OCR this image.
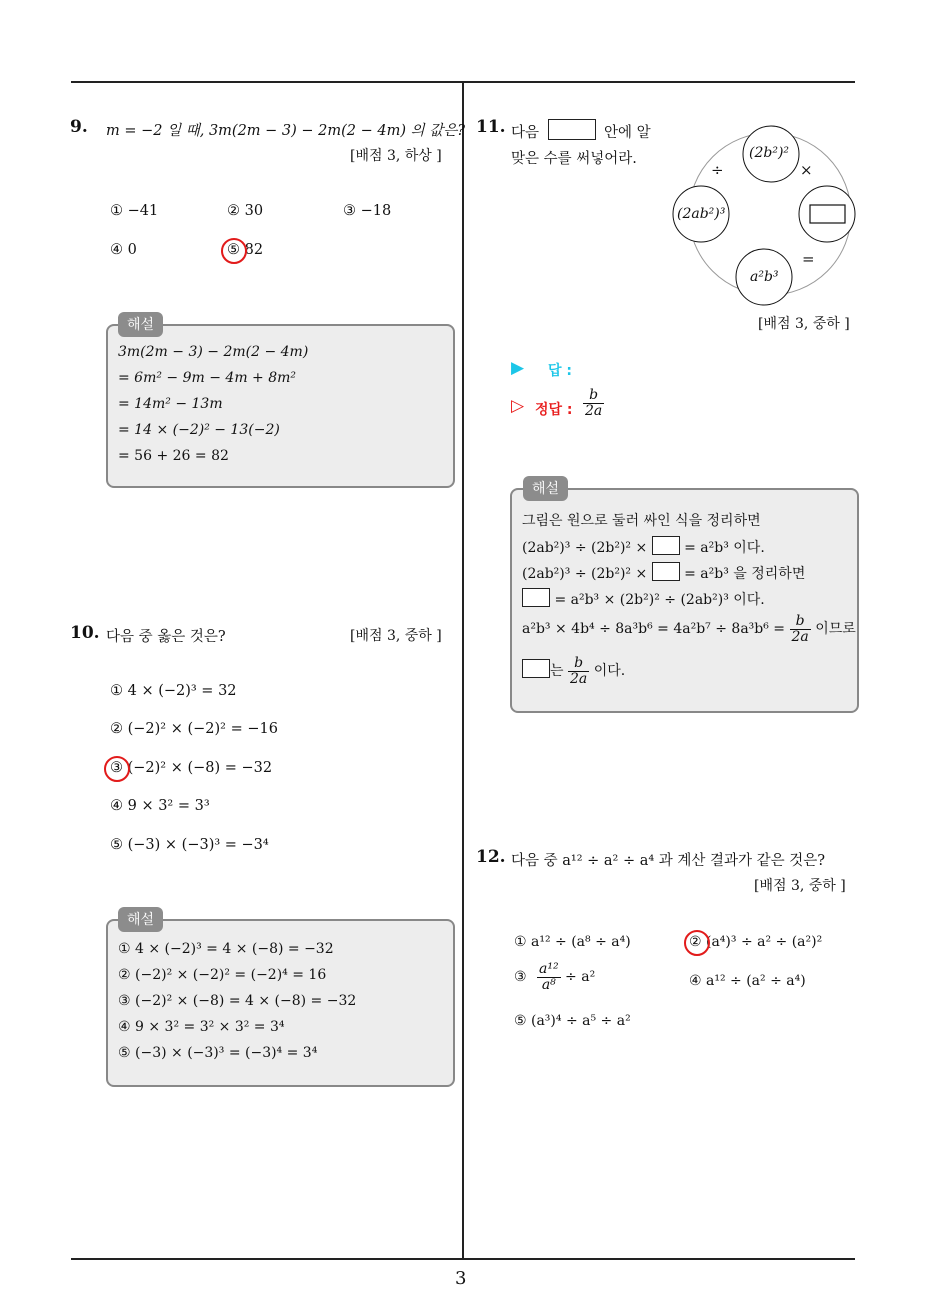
3
9. m = −2 일 때, 3m(2m − 3) − 2m(2 − 4m) 의 값은?
[배점 3, 하상 ]
① −41	② 30	③ −18
④ 0	⑤ 82
해설
3m(2m − 3) − 2m(2 − 4m)
= 6m² − 9m − 4m + 8m²
= 14m² − 13m
= 14 × (−2)² − 13(−2)
= 56 + 26 = 82
10. 다음 중 옳은 것은?	[배점 3, 중하 ]
① 4 × (−2)³ = 32
② (−2)² × (−2)² = −16
③ (−2)² × (−8) = −32
④ 9 × 3² = 3³
⑤ (−3) × (−3)³ = −3⁴
해설
① 4 × (−2)³ = 4 × (−8) = −32
② (−2)² × (−2)² = (−2)⁴ = 16
③ (−2)² × (−8) = 4 × (−8) = −32
④ 9 × 3² = 3² × 3² = 3⁴
⑤ (−3) × (−3)³ = (−3)⁴ = 3⁴
11. 다음	안에 알
맞은 수를 써넣어라.	(2b²)²
(2ab²)³
a²b³
÷	×
=
[배점 3, 중하 ]
▶ 답 :
▷ 정답 : $\frac{b}{2a}$
해설
그림은 원으로 둘러 싸인 식을 정리하면
(2ab²)³ ÷ (2b²)² ×	= a²b³ 이다.
(2ab²)³ ÷ (2b²)² ×	= a²b³ 을 정리하면
= a²b³ × (2b²)² ÷ (2ab²)³ 이다.
$a^2b^3 \times 4b^4 \div 8a^3b^6 = 4a^2b^7 \div 8a^3b^6 = \frac{b}{2a}$ 이므로
는 $\frac{b}{2a}$ 이다.
12. 다음 중 a¹² ÷ a² ÷ a⁴ 과 계산 결과가 같은 것은?
[배점 3, 중하 ]
① a¹² ÷ (a⁸ ÷ a⁴)	② (a⁴)³ ÷ a² ÷ (a²)²
③ $\frac{\text{a¹²}}{\text{a⁸}} \div a^2$	④ a¹² ÷ (a² ÷ a⁴)
⑤ (a³)⁴ ÷ a⁵ ÷ a²
